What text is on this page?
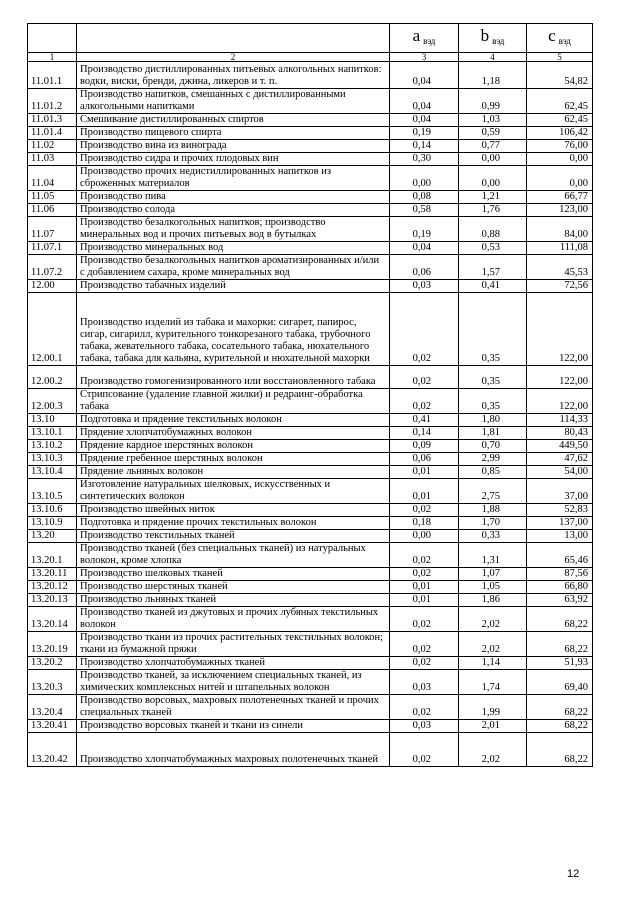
		a $_{вэд}$	b $_{вэд}$	c $_{вэд}$
1	2	3	4	5
11.01.1	Производство дистиллированных питьевых алкогольных напитков: водки, виски, бренди, джина, ликеров и т. п.	0,04	1,18	54,82
11.01.2	Производство напитков, смешанных с дистиллированными алкогольными напитками	0,04	0,99	62,45
11.01.3	Смешивание дистиллированных спиртов	0,04	1,03	62,45
11.01.4	Производство пищевого спирта	0,19	0,59	106,42
11.02	Производство вина из винограда	0,14	0,77	76,00
11.03	Производство сидра и прочих плодовых вин	0,30	0,00	0,00
11.04	Производство прочих недистиллированных напитков из сброженных материалов	0,00	0,00	0,00
11.05	Производство пива	0,08	1,21	66,77
11.06	Производство солода	0,58	1,76	123,00
11.07	Производство безалкогольных напитков; производство минеральных вод и прочих питьевых вод в бутылках	0,19	0,88	84,00
11.07.1	Производство минеральных вод	0,04	0,53	111,08
11.07.2	Производство безалкогольных напитков ароматизированных и/или с добавлением сахара, кроме минеральных вод	0,06	1,57	45,53
12.00	Производство табачных изделий	0,03	0,41	72,56
12.00.1	Производство изделий из табака и махорки: сигарет, папирос, сигар, сигарилл, курительного тонкорезаного табака, трубочного табака, жевательного табака, сосательного табака, нюхательного табака, табака для кальяна, курительной и нюхательной махорки	0,02	0,35	122,00
12.00.2	Производство гомогенизированного или восстановленного табака	0,02	0,35	122,00
12.00.3	Стрипсование (удаление главной жилки) и редраинг-обработка табака	0,02	0,35	122,00
13.10	Подготовка и прядение текстильных волокон	0,41	1,80	114,33
13.10.1	Прядение хлопчатобумажных волокон	0,14	1,81	80,43
13.10.2	Прядение кардное шерстяных волокон	0,09	0,70	449,50
13.10.3	Прядение гребенное шерстяных волокон	0,06	2,99	47,62
13.10.4	Прядение льняных волокон	0,01	0,85	54,00
13.10.5	Изготовление натуральных шелковых, искусственных и синтетических волокон	0,01	2,75	37,00
13.10.6	Производство швейных ниток	0,02	1,88	52,83
13.10.9	Подготовка и прядение прочих текстильных волокон	0,18	1,70	137,00
13.20	Производство текстильных тканей	0,00	0,33	13,00
13.20.1	Производство тканей (без специальных тканей) из натуральных волокон, кроме хлопка	0,02	1,31	65,46
13.20.11	Производство шелковых тканей	0,02	1,07	87,56
13.20.12	Производство шерстяных тканей	0,01	1,05	66,80
13.20.13	Производство льняных тканей	0,01	1,86	63,92
13.20.14	Производство тканей из джутовых и прочих лубяных текстильных волокон	0,02	2,02	68,22
13.20.19	Производство ткани из прочих растительных текстильных волокон; ткани из бумажной пряжи	0,02	2,02	68,22
13.20.2	Производство хлопчатобумажных тканей	0,02	1,14	51,93
13.20.3	Производство тканей, за исключением специальных тканей, из химических комплексных нитей и штапельных волокон	0,03	1,74	69,40
13.20.4	Производство ворсовых, махровых полотенечных тканей и прочих специальных тканей	0,02	1,99	68,22
13.20.41	Производство ворсовых тканей и ткани из синели	0,03	2,01	68,22
13.20.42	Производство хлопчатобумажных махровых полотенечных тканей	0,02	2,02	68,22
12
